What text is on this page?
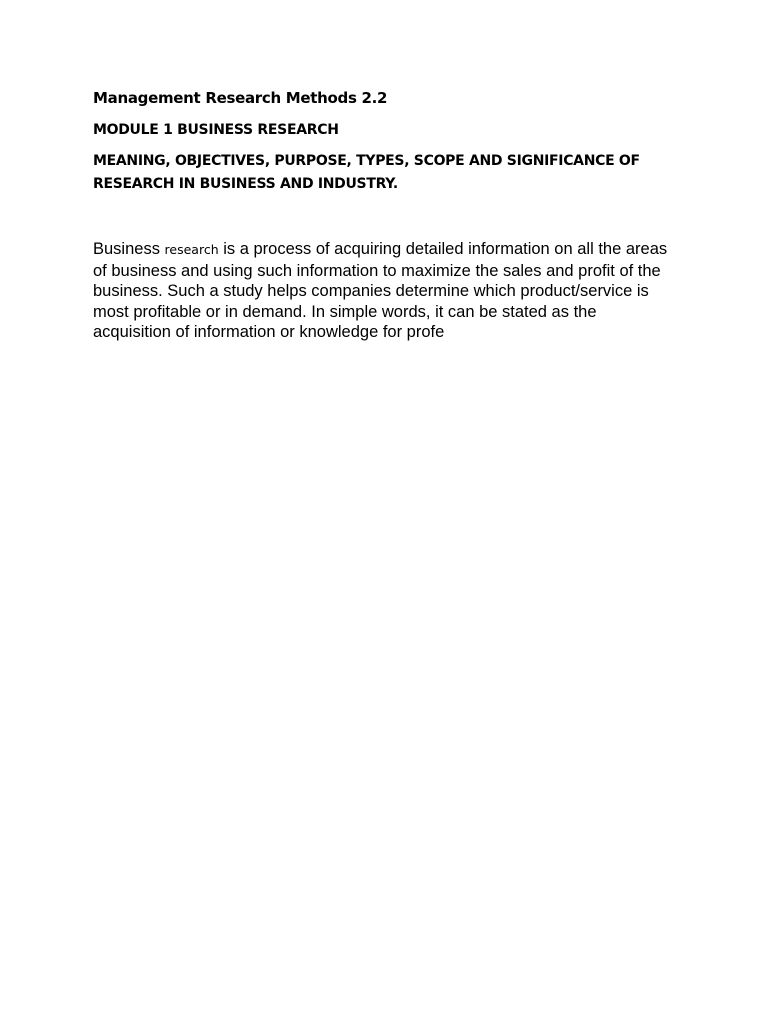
Management Research Methods 2.2

MODULE 1 BUSINESS RESEARCH

MEANING, OBJECTIVES, PURPOSE, TYPES, SCOPE AND SIGNIFICANCE OF
RESEARCH IN BUSINESS AND INDUSTRY.

Business research is a process of acquiring detailed information on all the areas of business and using such information to maximize the sales and profit of the business. Such a study helps companies determine which product/service is most profitable or in demand. In simple words, it can be stated as the acquisition of information or knowledge for profe
